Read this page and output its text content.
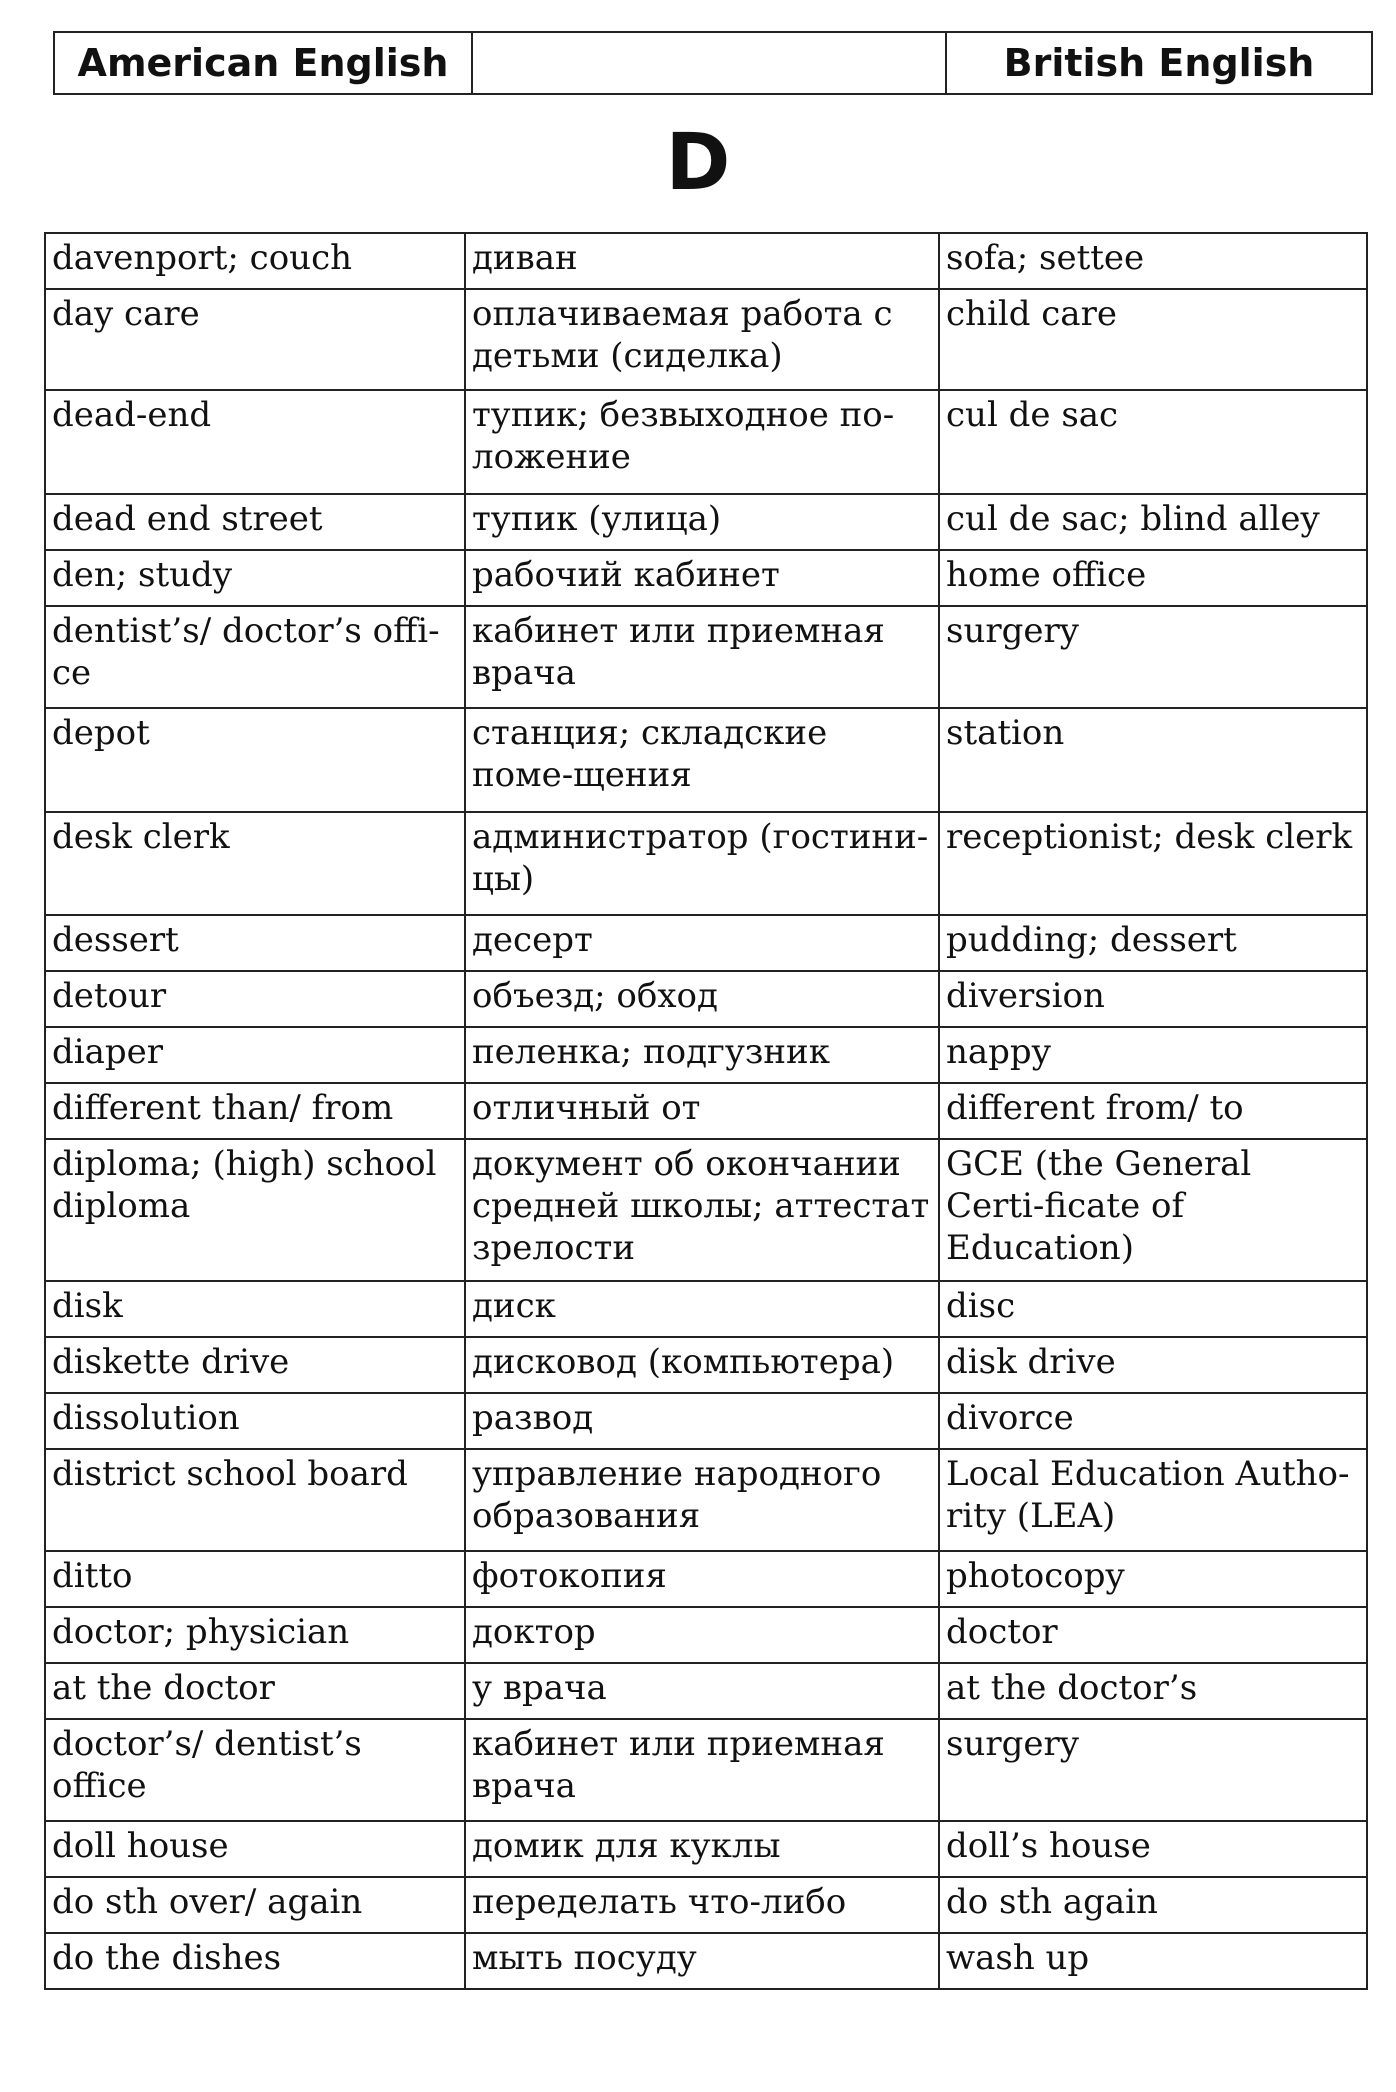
American English		British English
D
davenport; couch	диван	sofa; settee
day care	оплачиваемая работа с детьми (сиделка)	child care
dead-end	тупик; безвыходное по-ложение	cul de sac
dead end street	тупик (улица)	cul de sac; blind alley
den; study	рабочий кабинет	home office
dentist’s/ doctor’s offi-ce	кабинет или приемная врача	surgery
depot	станция; складские поме-щения	station
desk clerk	администратор (гостини-цы)	receptionist; desk clerk
dessert	десерт	pudding; dessert
detour	объезд; обход	diversion
diaper	пеленка; подгузник	nappy
different than/ from	отличный от	different from/ to
diploma; (high) school diploma	документ об окончании средней школы; аттестат зрелости	GCE (the General Certi-ficate of Education)
disk	диск	disc
diskette drive	дисковод (компьютера)	disk drive
dissolution	развод	divorce
district school board	управление народного образования	Local Education Autho-rity (LEA)
ditto	фотокопия	photocopy
doctor; physician	доктор	doctor
at the doctor	у врача	at the doctor’s
doctor’s/ dentist’s office	кабинет или приемная врача	surgery
doll house	домик для куклы	doll’s house
do sth over/ again	переделать что-либо	do sth again
do the dishes	мыть посуду	wash up
